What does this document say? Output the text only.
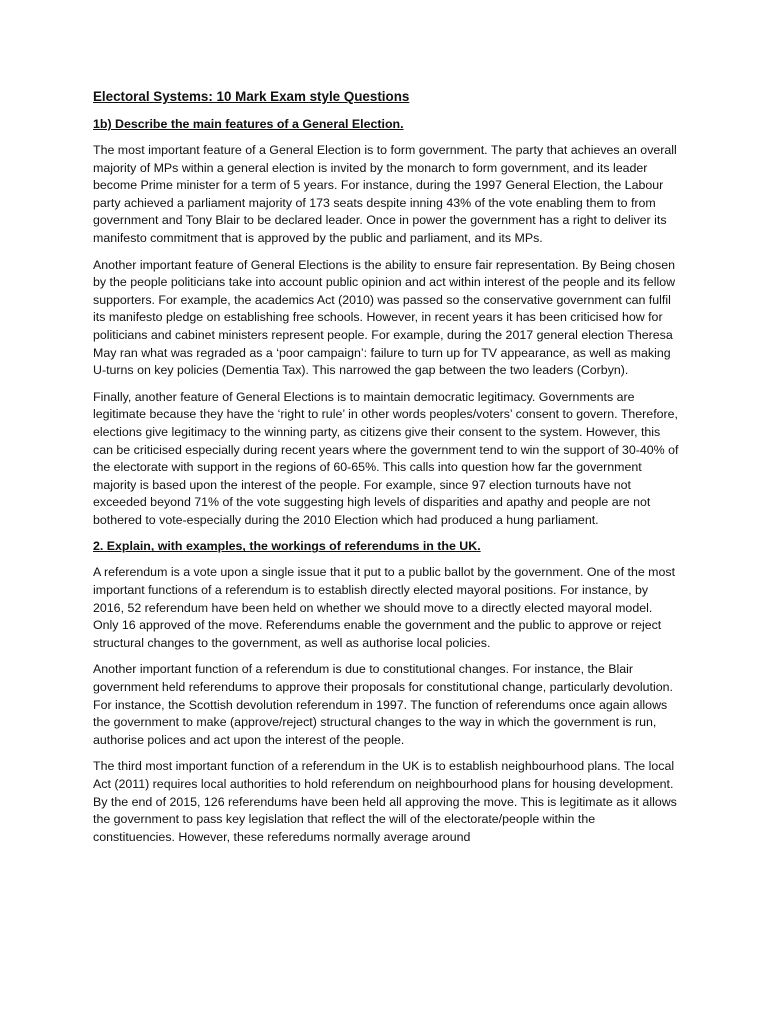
Electoral Systems: 10 Mark Exam style Questions
1b) Describe the main features of a General Election.

The most important feature of a General Election is to form government. The party that achieves an overall majority of MPs within a general election is invited by the monarch to form government, and its leader become Prime minister for a term of 5 years. For instance, during the 1997 General Election, the Labour party achieved a parliament majority of 173 seats despite inning 43% of the vote enabling them to from government and Tony Blair to be declared leader. Once in power the government has a right to deliver its manifesto commitment that is approved by the public and parliament, and its MPs.

Another important feature of General Elections is the ability to ensure fair representation. By Being chosen by the people politicians take into account public opinion and act within interest of the people and its fellow supporters. For example, the academics Act (2010) was passed so the conservative government can fulfil its manifesto pledge on establishing free schools. However, in recent years it has been criticised how for politicians and cabinet ministers represent people. For example, during the 2017 general election Theresa May ran what was regraded as a ‘poor campaign’: failure to turn up for TV appearance, as well as making U-turns on key policies (Dementia Tax). This narrowed the gap between the two leaders (Corbyn).

Finally, another feature of General Elections is to maintain democratic legitimacy. Governments are legitimate because they have the ‘right to rule’ in other words peoples/voters’ consent to govern. Therefore, elections give legitimacy to the winning party, as citizens give their consent to the system. However, this can be criticised especially during recent years where the government tend to win the support of 30-40% of the electorate with support in the regions of 60-65%. This calls into question how far the government majority is based upon the interest of the people. For example, since 97 election turnouts have not exceeded beyond 71% of the vote suggesting high levels of disparities and apathy and people are not bothered to vote-especially during the 2010 Election which had produced a hung parliament.

2. Explain, with examples, the workings of referendums in the UK.

A referendum is a vote upon a single issue that it put to a public ballot by the government. One of the most important functions of a referendum is to establish directly elected mayoral positions. For instance, by 2016, 52 referendum have been held on whether we should move to a directly elected mayoral model. Only 16 approved of the move. Referendums enable the government and the public to approve or reject structural changes to the government, as well as authorise local policies.

Another important function of a referendum is due to constitutional changes. For instance, the Blair government held referendums to approve their proposals for constitutional change, particularly devolution. For instance, the Scottish devolution referendum in 1997. The function of referendums once again allows the government to make (approve/reject) structural changes to the way in which the government is run, authorise polices and act upon the interest of the people.

The third most important function of a referendum in the UK is to establish neighbourhood plans. The local Act (2011) requires local authorities to hold referendum on neighbourhood plans for housing development. By the end of 2015, 126 referendums have been held all approving the move. This is legitimate as it allows the government to pass key legislation that reflect the will of the electorate/people within the constituencies. However, these referedums normally average around
